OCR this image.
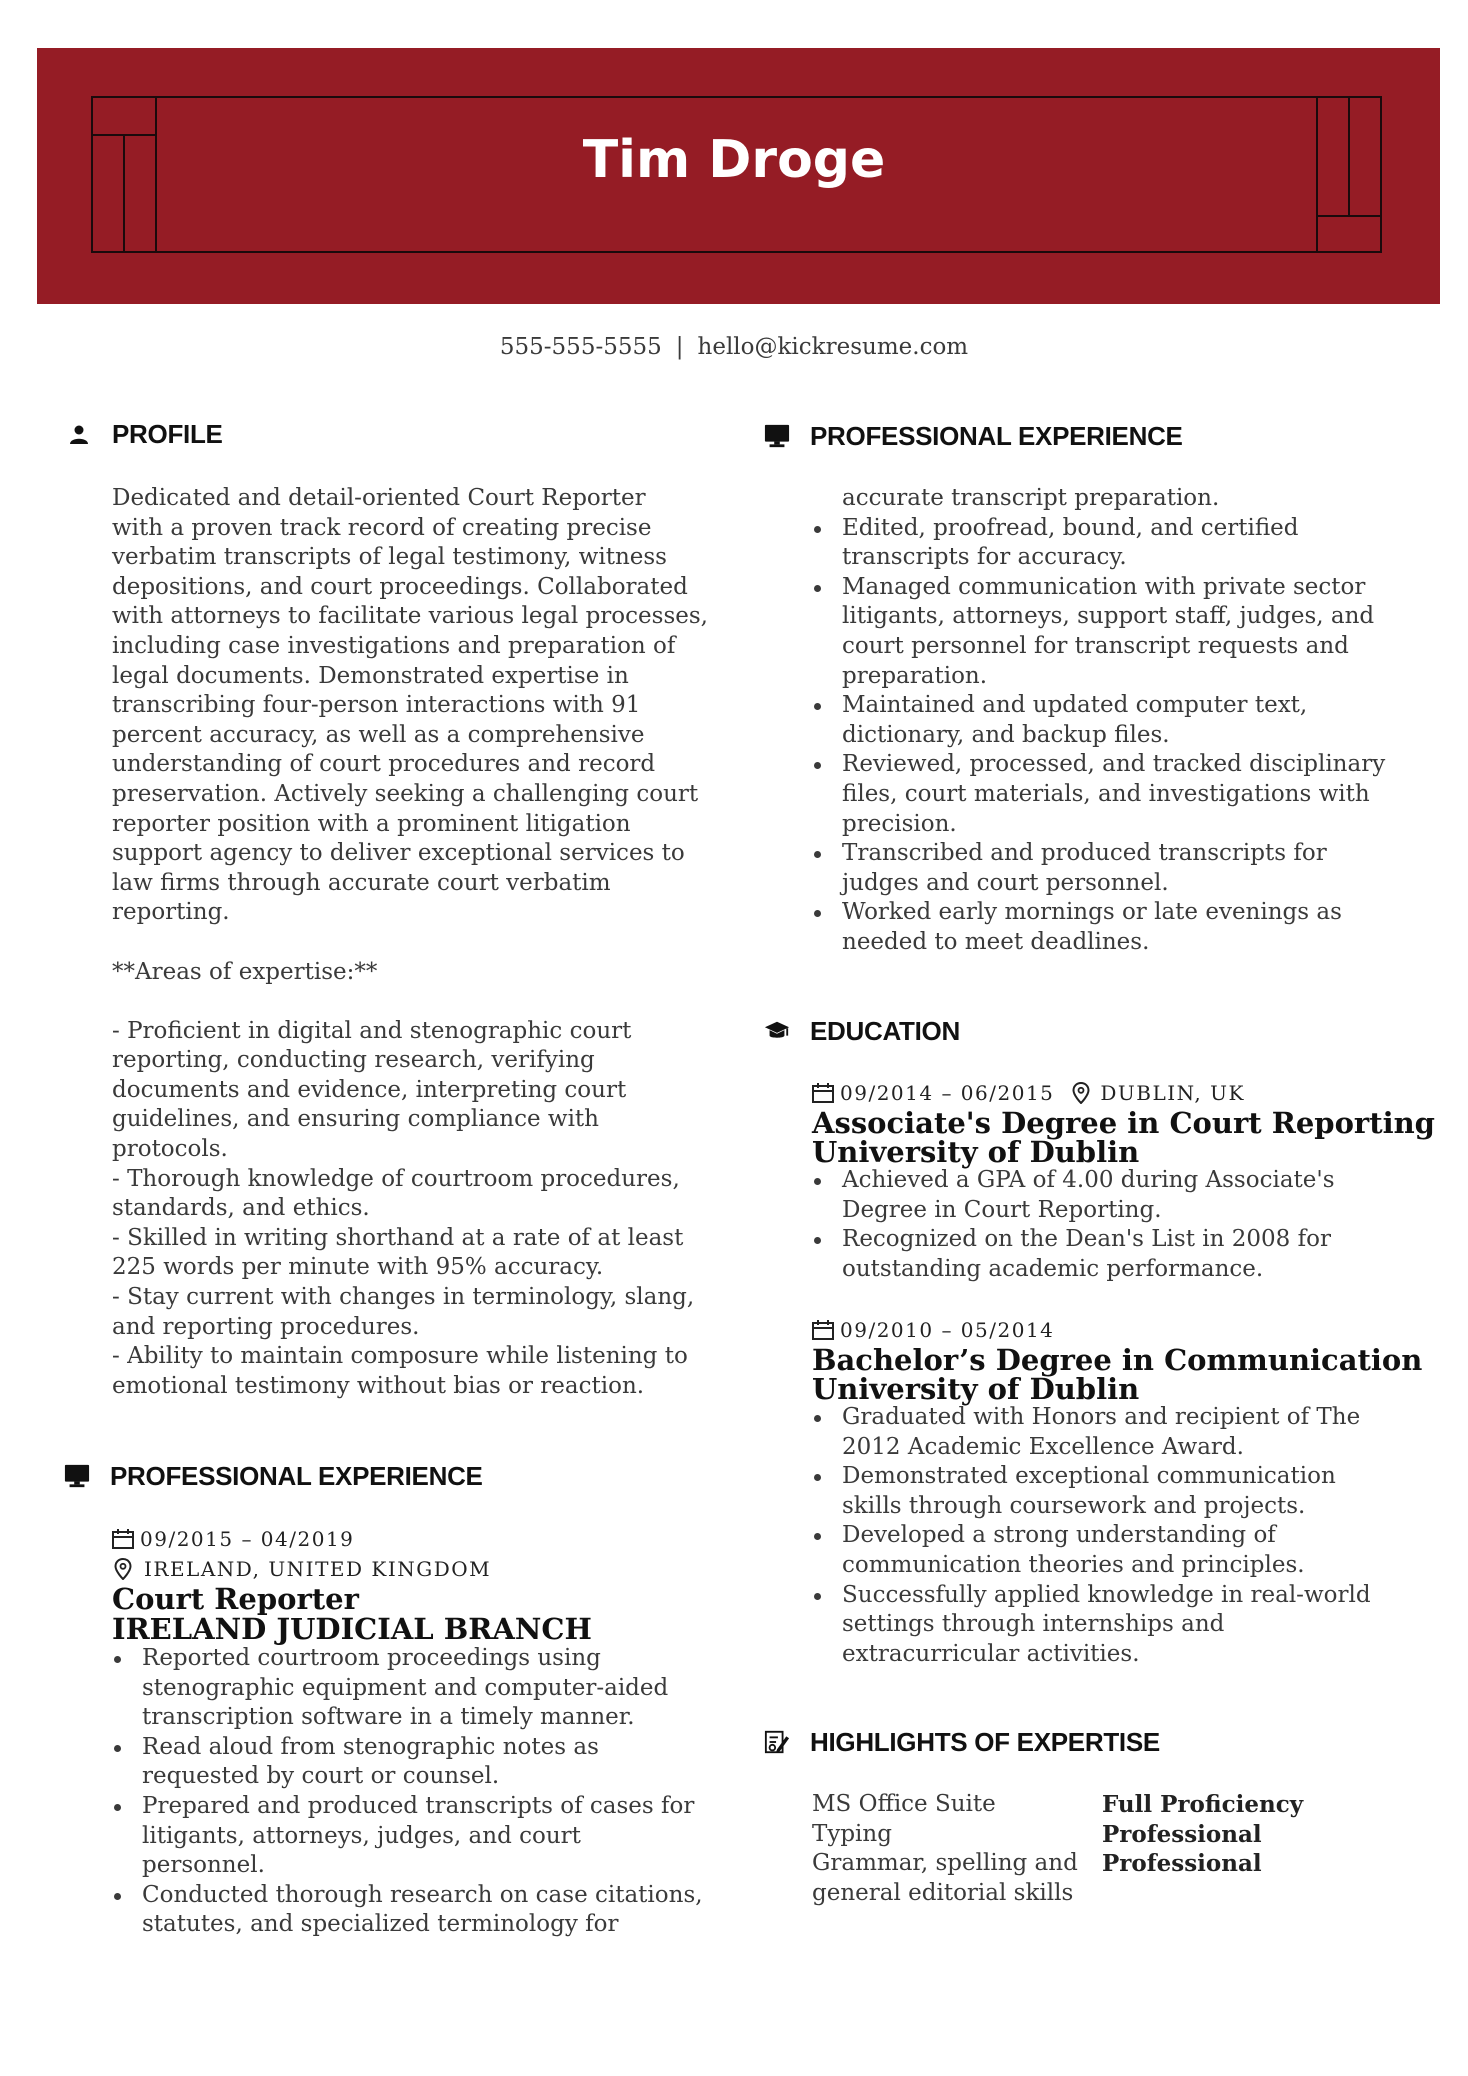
Tim Droge
555-555-5555 | hello@kickresume.com
PROFILE
Dedicated and detail-oriented Court Reporter
with a proven track record of creating precise
verbatim transcripts of legal testimony, witness
depositions, and court proceedings. Collaborated
with attorneys to facilitate various legal processes,
including case investigations and preparation of
legal documents. Demonstrated expertise in
transcribing four-person interactions with 91
percent accuracy, as well as a comprehensive
understanding of court procedures and record
preservation. Actively seeking a challenging court
reporter position with a prominent litigation
support agency to deliver exceptional services to
law firms through accurate court verbatim
reporting.

**Areas of expertise:**

- Proficient in digital and stenographic court
reporting, conducting research, verifying
documents and evidence, interpreting court
guidelines, and ensuring compliance with
protocols.
- Thorough knowledge of courtroom procedures,
standards, and ethics.
- Skilled in writing shorthand at a rate of at least
225 words per minute with 95% accuracy.
- Stay current with changes in terminology, slang,
and reporting procedures.
- Ability to maintain composure while listening to
emotional testimony without bias or reaction.
PROFESSIONAL EXPERIENCE
09/2015 – 04/2019
IRELAND, UNITED KINGDOM
Court Reporter
IRELAND JUDICIAL BRANCH
Reported courtroom proceedings using
stenographic equipment and computer-aided
transcription software in a timely manner.
Read aloud from stenographic notes as
requested by court or counsel.
Prepared and produced transcripts of cases for
litigants, attorneys, judges, and court
personnel.
Conducted thorough research on case citations,
statutes, and specialized terminology for
PROFESSIONAL EXPERIENCE
accurate transcript preparation.
Edited, proofread, bound, and certified
transcripts for accuracy.
Managed communication with private sector
litigants, attorneys, support staff, judges, and
court personnel for transcript requests and
preparation.
Maintained and updated computer text,
dictionary, and backup files.
Reviewed, processed, and tracked disciplinary
files, court materials, and investigations with
precision.
Transcribed and produced transcripts for
judges and court personnel.
Worked early mornings or late evenings as
needed to meet deadlines.
EDUCATION
09/2014 – 06/2015 DUBLIN, UK
Associate's Degree in Court Reporting
University of Dublin
Achieved a GPA of 4.00 during Associate's
Degree in Court Reporting.
Recognized on the Dean's List in 2008 for
outstanding academic performance.
09/2010 – 05/2014
Bachelor’s Degree in Communication
University of Dublin
Graduated with Honors and recipient of The
2012 Academic Excellence Award.
Demonstrated exceptional communication
skills through coursework and projects.
Developed a strong understanding of
communication theories and principles.
Successfully applied knowledge in real-world
settings through internships and
extracurricular activities.
HIGHLIGHTS OF EXPERTISE
MS Office Suite	Full Proficiency
Typing	Professional
Grammar, spelling and
general editorial skills
Professional
